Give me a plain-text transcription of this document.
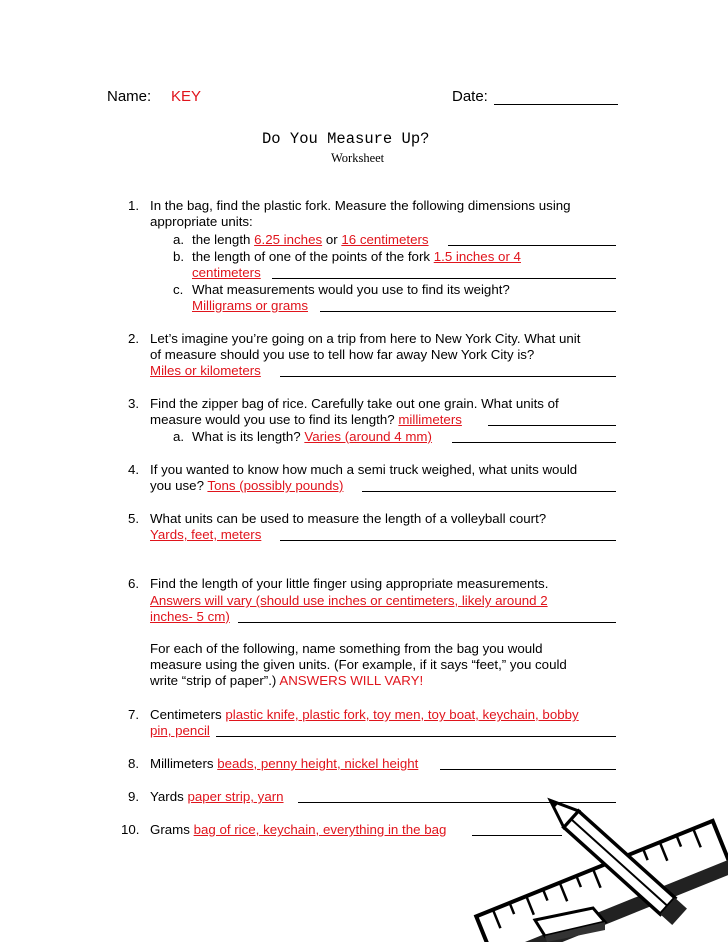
Name: KEY	Date:
Do You Measure Up?
Worksheet
1. In the bag, find the plastic fork. Measure the following dimensions using
appropriate units:
a. the length 6.25 inches or 16 centimeters
b. the length of one of the points of the fork 1.5 inches or 4
centimeters
c. What measurements would you use to find its weight?
Milligrams or grams
2. Let’s imagine you’re going on a trip from here to New York City. What unit
of measure should you use to tell how far away New York City is?
Miles or kilometers
3. Find the zipper bag of rice. Carefully take out one grain. What units of
measure would you use to find its length? millimeters
a. What is its length? Varies (around 4 mm)
4. If you wanted to know how much a semi truck weighed, what units would
you use? Tons (possibly pounds)
5. What units can be used to measure the length of a volleyball court?
Yards, feet, meters
6. Find the length of your little finger using appropriate measurements.
Answers will vary (should use inches or centimeters, likely around 2
inches- 5 cm)
For each of the following, name something from the bag you would
measure using the given units. (For example, if it says “feet,” you could
write “strip of paper”.) ANSWERS WILL VARY!
7. Centimeters plastic knife, plastic fork, toy men, toy boat, keychain, bobby
pin, pencil
8. Millimeters beads, penny height, nickel height
9. Yards paper strip, yarn
10. Grams bag of rice, keychain, everything in the bag
